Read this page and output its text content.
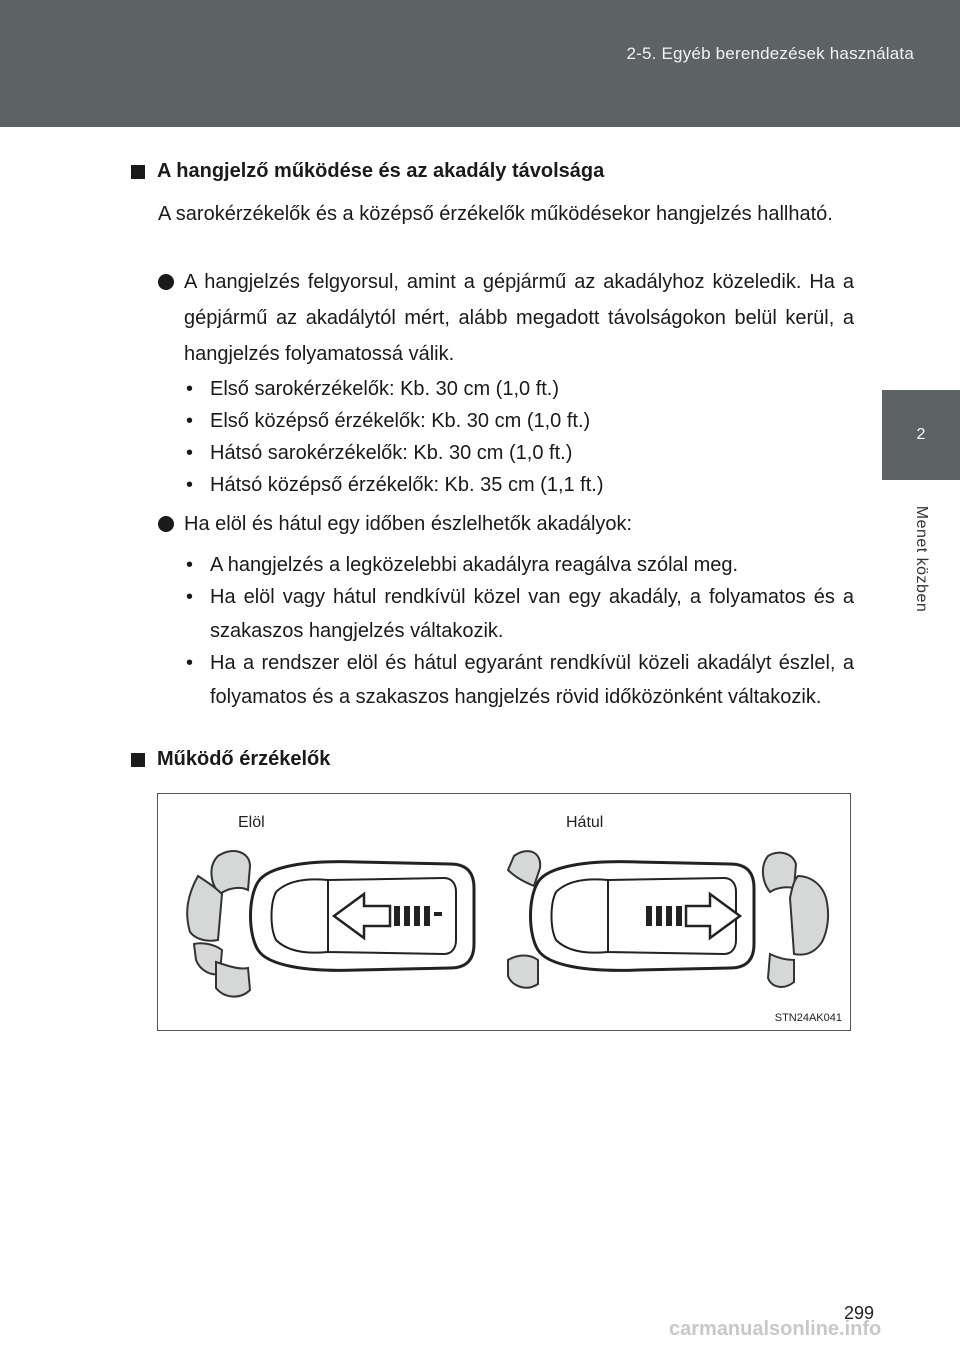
2-5. Egyéb berendezések használata
2
Menet közben
A hangjelző működése és az akadály távolsága
A sarokérzékelők és a középső érzékelők működésekor hangjelzés hallható.
A hangjelzés felgyorsul, amint a gépjármű az akadályhoz közeledik. Ha a gépjármű az akadálytól mért, alább megadott távolságokon belül kerül, a hangjelzés folyamatossá válik.
• Első sarokérzékelők: Kb. 30 cm (1,0 ft.)
• Első középső érzékelők: Kb. 30 cm (1,0 ft.)
• Hátsó sarokérzékelők: Kb. 30 cm (1,0 ft.)
• Hátsó középső érzékelők: Kb. 35 cm (1,1 ft.)
Ha elöl és hátul egy időben észlelhetők akadályok:
• A hangjelzés a legközelebbi akadályra reagálva szólal meg.
• Ha elöl vagy hátul rendkívül közel van egy akadály, a folyamatos és a szakaszos hangjelzés váltakozik.
• Ha a rendszer elöl és hátul egyaránt rendkívül közeli akadályt észlel, a folyamatos és a szakaszos hangjelzés rövid időközönként váltakozik.
Működő érzékelők
Elöl	Hátul
STN24AK041
299
carmanualsonline.info
